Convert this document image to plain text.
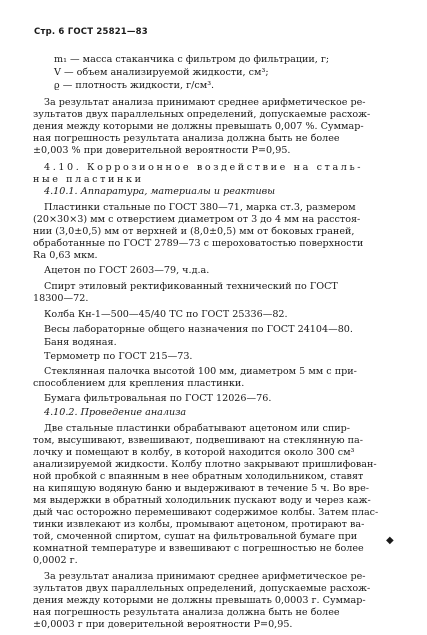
Стр. 6 ГОСТ 25821—83
m₁ — масса стаканчика с фильтром до фильтрации, г;
V — объем анализируемой жидкости, см³;
ϱ — плотность жидкости, г/см³.
За результат анализа принимают среднее арифметическое ре-
зультатов двух параллельных определений, допускаемые расхож-
дения между которыми не должны превышать 0,007 %. Суммар-
ная погрешность результата анализа должна быть не более
±0,003 % при доверительной вероятности P=0,95.
4.10. Коррозионное воздействие на сталь-
ные пластинки
4.10.1. Аппаратура, материалы и реактивы
Пластинки стальные по ГОСТ 380—71, марка ст.3, размером
(20×30×3) мм с отверстием диаметром от 3 до 4 мм на расстоя-
нии (3,0±0,5) мм от верхней и (8,0±0,5) мм от боковых граней,
обработанные по ГОСТ 2789—73 с шероховатостью поверхности
Ra 0,63 мкм.
Ацетон по ГОСТ 2603—79, ч.д.а.
Спирт этиловый ректификованный технический по ГОСТ
18300—72.
Колба Кн-1—500—45/40 ТС по ГОСТ 25336—82.
Весы лабораторные общего назначения по ГОСТ 24104—80.
Баня водяная.
Термометр по ГОСТ 215—73.
Стеклянная палочка высотой 100 мм, диаметром 5 мм с при-
способлением для крепления пластинки.
Бумага фильтровальная по ГОСТ 12026—76.
4.10.2. Проведение анализа
Две стальные пластинки обрабатывают ацетоном или спир-
том, высушивают, взвешивают, подвешивают на стеклянную па-
лочку и помещают в колбу, в которой находится около 300 см³
анализируемой жидкости. Колбу плотно закрывают пришлифован-
ной пробкой с впаянным в нее обратным холодильником, ставят
на кипящую водяную баню и выдерживают в течение 5 ч. Во вре-
мя выдержки в обратный холодильник пускают воду и через каж-
дый час осторожно перемешивают содержимое колбы. Затем плас-
тинки извлекают из колбы, промывают ацетоном, протирают ва-
той, смоченной спиртом, сушат на фильтровальной бумаге при
комнатной температуре и взвешивают с погрешностью не более
0,0002 г.
За результат анализа принимают среднее арифметическое ре-
зультатов двух параллельных определений, допускаемые расхож-
дения между которыми не должны превышать 0,0003 г. Суммар-
ная погрешность результата анализа должна быть не более
±0,0003 г при доверительной вероятности P=0,95.
◆
